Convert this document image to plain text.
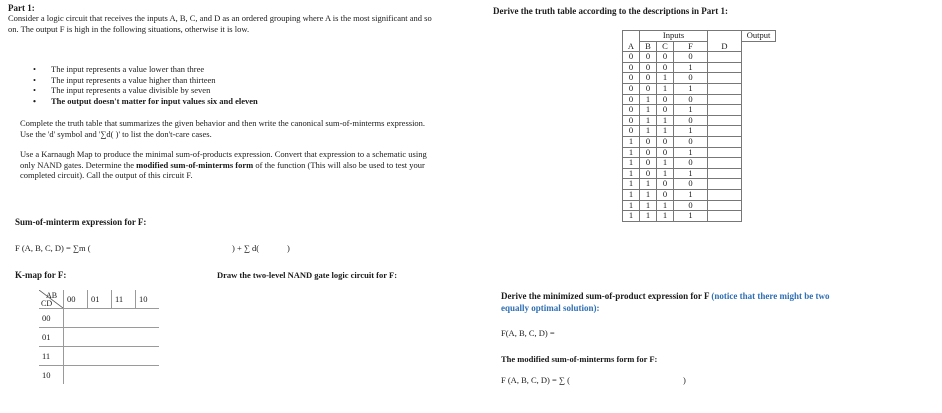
Part 1:
Consider a logic circuit that receives the inputs A, B, C, and D as an ordered grouping where A is the most significant and so on. The output F is high in the following situations, otherwise it is low.
• The input represents a value lower than three
• The input represents a value higher than thirteen
• The input represents a value divisible by seven
• The output doesn't matter for input values six and eleven
Complete the truth table that summarizes the given behavior and then write the canonical sum-of-minterms expression. Use the 'd' symbol and '∑d( )' to list the don't-care cases.
Use a Karnaugh Map to produce the minimal sum-of-products expression. Convert that expression to a schematic using only NAND gates. Determine the modified sum-of-minterms form of the function (This will also be used to test your completed circuit). Call the output of this circuit F.
Sum-of-minterm expression for F:
F (A, B, C, D) = ∑m (	) + ∑ d(	)
K-map for F:	Draw the two-level NAND gate logic circuit for F:
AB
CD	00	01	11	10
00				
01				
11				
10				
Derive the truth table according to the descriptions in Part 1:
A	Inputs			D	Output
	B	C	F		
0	0	0	0		
0	0	0	1		
0	0	1	0		
0	0	1	1		
0	1	0	0		
0	1	0	1		
0	1	1	0		
0	1	1	1		
1	0	0	0		
1	0	0	1		
1	0	1	0		
1	0	1	1		
1	1	0	0		
1	1	0	1		
1	1	1	0		
1	1	1	1		
Derive the minimized sum-of-product expression for F (notice that there might be two
equally optimal solution):
F(A, B, C, D) =
The modified sum-of-minterms form for F:
F (A, B, C, D) = ∑ (	)
